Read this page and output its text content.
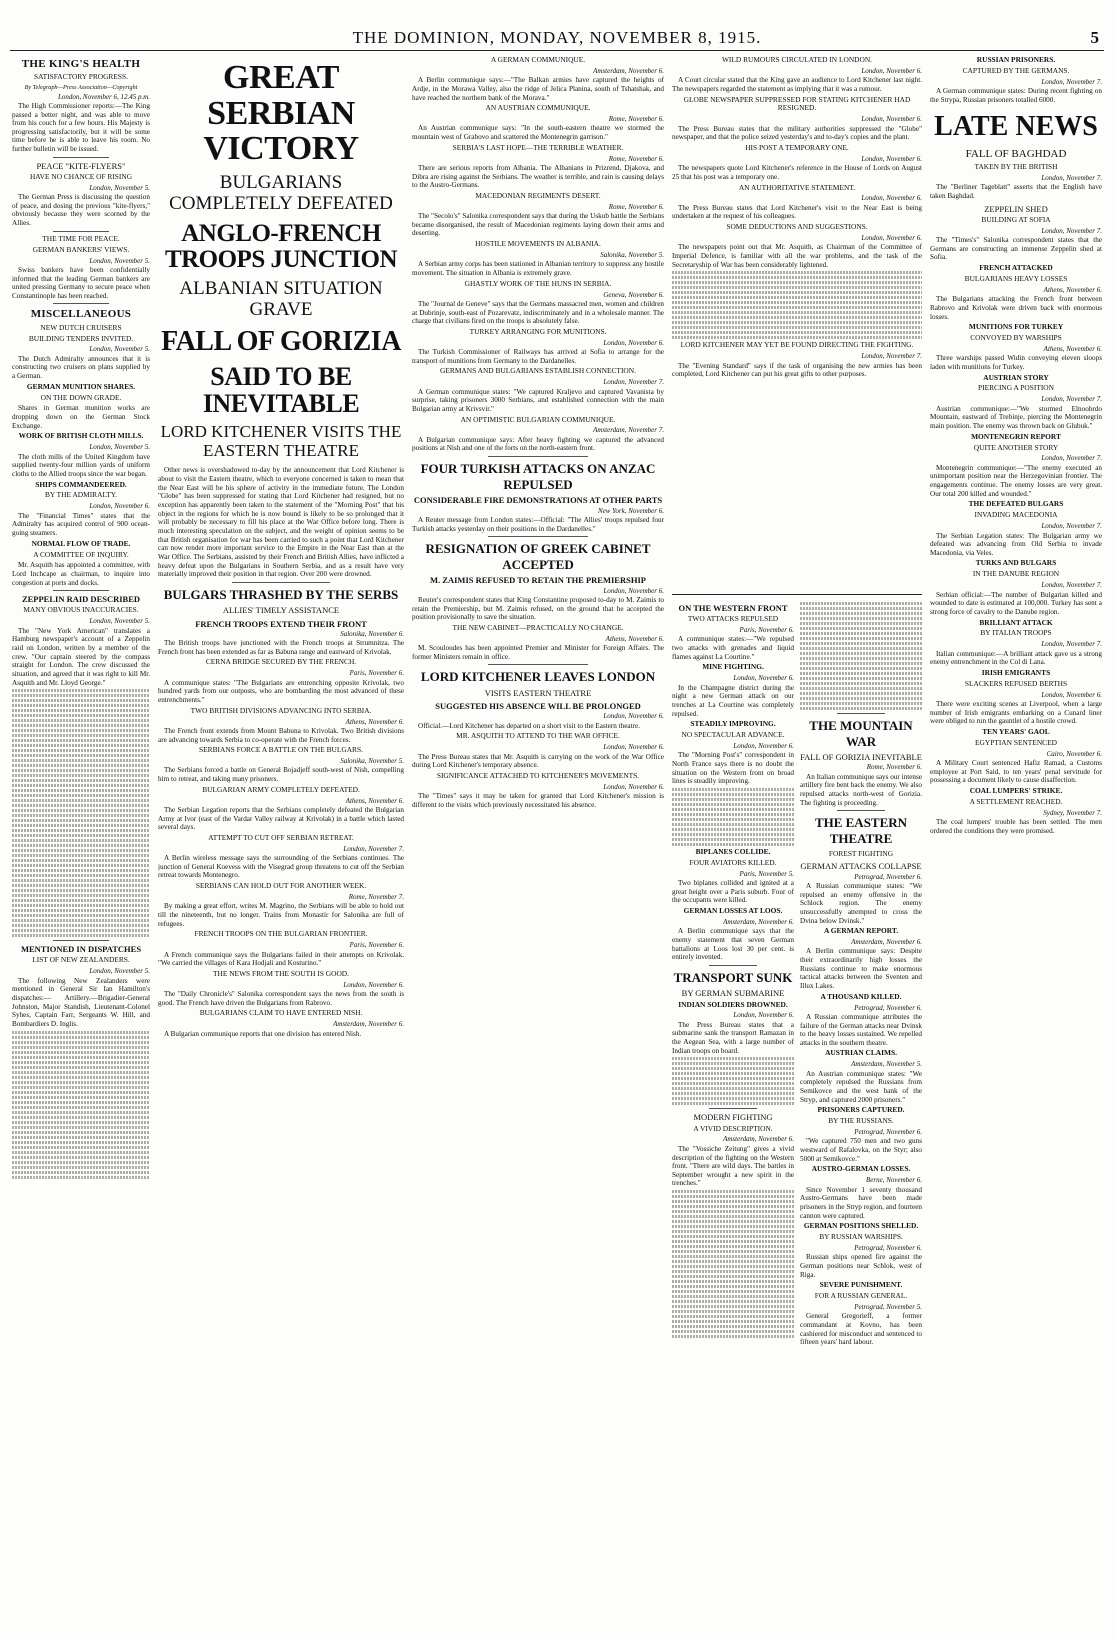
THE DOMINION, MONDAY, NOVEMBER 8, 1915.	5
THE KING'S HEALTH
SATISFACTORY PROGRESS.
By Telegraph—Press Association—Copyright
London, November 6, 12.45 p.m.

The High Commissioner reports:—The King passed a better night, and was able to move from his couch for a few hours. His Majesty is progressing satisfactorily, but it will be some time before he is able to leave his room. No further bulletin will be issued.

PEACE "KITE-FLYERS"
HAVE NO CHANCE OF RISING
London, November 5.

The German Press is discussing the question of peace, and dosing the previous "kite-flyers," obviously because they were scorned by the Allies.

THE TIME FOR PEACE.
GERMAN BANKERS' VIEWS.
London, November 5.

Swiss bankers have been confidentially informed that the leading German bankers are united pressing Germany to secure peace when Constantinople has been reached.

MISCELLANEOUS
NEW DUTCH CRUISERS
BUILDING TENDERS INVITED.
London, November 5.

The Dutch Admiralty announces that it is constructing two cruisers on plans supplied by a German.

GERMAN MUNITION SHARES.
ON THE DOWN GRADE.

Shares in German munition works are dropping down on the German Stock Exchange.

WORK OF BRITISH CLOTH MILLS.
London, November 5.

The cloth mills of the United Kingdom have supplied twenty-four million yards of uniform cloths to the Allied troops since the war began.

SHIPS COMMANDEERED.
BY THE ADMIRALTY.
London, November 6.

The "Financial Times" states that the Admiralty has acquired control of 900 ocean-going steamers.

NORMAL FLOW OF TRADE.
A COMMITTEE OF INQUIRY.

Mr. Asquith has appointed a committee, with Lord Inchcape as chairman, to inquire into congestion at ports and docks.

ZEPPELIN RAID DESCRIBED
MANY OBVIOUS INACCURACIES.
London, November 5.

The "New York American" translates a Hamburg newspaper's account of a Zeppelin raid on London, written by a member of the crew. "Our captain steered by the compass straight for London. The crew discussed the situation, and agreed that it was right to kill Mr. Asquith and Mr. Lloyd George."

MENTIONED IN DISPATCHES
LIST OF NEW ZEALANDERS.
London, November 5.

The following New Zealanders were mentioned in General Sir Ian Hamilton's dispatches:— Artillery.—Brigadier-General Johnston, Major Standish, Lieutenant-Colonel Syhes, Captain Farr, Sergeants W. Hill, and Bombardiers D. Inglis.

GREAT SERBIAN VICTORY
BULGARIANS COMPLETELY DEFEATED
ANGLO-FRENCH TROOPS JUNCTION
ALBANIAN SITUATION GRAVE
FALL OF GORIZIA
SAID TO BE INEVITABLE
LORD KITCHENER VISITS THE EASTERN THEATRE

Other news is overshadowed to-day by the announcement that Lord Kitchener is about to visit the Eastern theatre, which to everyone concerned is taken to mean that the Near East will be his sphere of activity in the immediate future. The London "Globe" has been suppressed for stating that Lord Kitchener had resigned, but no exception has apparently been taken to the statement of the "Morning Post" that his object in the regions for which he is now bound is likely to be so prolonged that it will probably be necessary to fill his place at the War Office before long. There is much interesting speculation on the subject, and the weight of opinion seems to be that British organisation for war has been carried to such a point that Lord Kitchener can now render more important service to the Empire in the Near East than at the War Office. The Serbians, assisted by their French and British Allies, have inflicted a heavy defeat upon the Bulgarians in Southern Serbia, and as a result have very materially improved their position in that region. Over 200 were drowned.

BULGARS THRASHED BY THE SERBS
ALLIES' TIMELY ASSISTANCE
FRENCH TROOPS EXTEND THEIR FRONT
Salonika, November 6.

The British troops have junctioned with the French troops at Strumnitza. The French front has been extended as far as Babuna range and eastward of Krivolak.

CERNA BRIDGE SECURED BY THE FRENCH.
Paris, November 6.

A communique states: "The Bulgarians are entrenching opposite Krivolak, two hundred yards from our outposts, who are bombarding the most advanced of these entrenchments."

TWO BRITISH DIVISIONS ADVANCING INTO SERBIA.
Athens, November 6.

The French front extends from Mount Babuna to Krivolak. Two British divisions are advancing towards Serbia to co-operate with the French forces.

SERBIANS FORCE A BATTLE ON THE BULGARS.
Salonika, November 5.

The Serbians forced a battle on General Bojadjeff south-west of Nish, compelling him to retreat, and taking many prisoners.

BULGARIAN ARMY COMPLETELY DEFEATED.
Athens, November 6.

The Serbian Legation reports that the Serbians completely defeated the Bulgarian Army at Ivor (east of the Vardar Valley railway at Krivolak) in a battle which lasted several days.

ATTEMPT TO CUT OFF SERBIAN RETREAT.
London, November 7.

A Berlin wireless message says the surrounding of the Serbians continues. The junction of General Koevess with the Visegrad group threatens to cut off the Serbian retreat towards Montenegro.

SERBIANS CAN HOLD OUT FOR ANOTHER WEEK.
Rome, November 7.

By making a great effort, writes M. Magrino, the Serbians will be able to hold out till the nineteenth, but no longer. Trains from Monastir for Salonika are full of refugees.

FRENCH TROOPS ON THE BULGARIAN FRONTIER.
Paris, November 6.

A French communique says the Bulgarians failed in their attempts on Krivolak. "We carried the villages of Kara Hodjali and Kosturino."

THE NEWS FROM THE SOUTH IS GOOD.
London, November 6.

The "Daily Chronicle's" Salonika correspondent says the news from the south is good. The French have driven the Bulgarians from Rabrovo.

BULGARIANS CLAIM TO HAVE ENTERED NISH.
Amsterdam, November 6.

A Bulgarian communique reports that one division has entered Nish.

A GERMAN COMMUNIQUE.
Amsterdam, November 6.

A Berlin communique says:—"The Balkan armies have captured the heights of Ardje, in the Morawa Valley, also the ridge of Jelica Planina, south of Tshatshak, and have reached the northern bank of the Morava."

AN AUSTRIAN COMMUNIQUE.
Rome, November 6.

An Austrian communique says: "In the south-eastern theatre we stormed the mountain west of Grabovo and scattered the Montenegrin garrison."

SERBIA'S LAST HOPE—THE TERRIBLE WEATHER.
Rome, November 6.

There are serious reports from Albania. The Albanians in Prizrend, Djakova, and Dibra are rising against the Serbians. The weather is terrible, and rain is causing delays to the Austro-Germans.

MACEDONIAN REGIMENTS DESERT.
Rome, November 6.

The "Secolo's" Salonika correspondent says that during the Uskub battle the Serbians became disorganised, the result of Macedonian regiments laying down their arms and deserting.

HOSTILE MOVEMENTS IN ALBANIA.
Salonika, November 5.

A Serbian army corps has been stationed in Albanian territory to suppress any hostile movement. The situation in Albania is extremely grave.

GHASTLY WORK OF THE HUNS IN SERBIA.
Geneva, November 6.

The "Journal de Geneve" says that the Germans massacred men, women and children at Dubrinje, south-east of Pozarevatz, indiscriminately and in a wholesale manner. The charge that civilians fired on the troops is absolutely false.

TURKEY ARRANGING FOR MUNITIONS.
London, November 6.

The Turkish Commissioner of Railways has arrived at Sofia to arrange for the transport of munitions from Germany to the Dardanelles.

GERMANS AND BULGARIANS ESTABLISH CONNECTION.
London, November 7.

A German communique states: "We captured Kraljevo and captured Vavanista by surprise, taking prisoners 3000 Serbians, and established connection with the main Bulgarian army at Krivsvir."

AN OPTIMISTIC BULGARIAN COMMUNIQUE.
Amsterdam, November 7.

A Bulgarian communique says: After heavy fighting we captured the advanced positions at Nish and one of the forts on the north-eastern front.

FOUR TURKISH ATTACKS ON ANZAC REPULSED
CONSIDERABLE FIRE DEMONSTRATIONS AT OTHER PARTS
New York, November 6.

A Reuter message from London states:—Official: "The Allies' troops repulsed four Turkish attacks yesterday on their positions in the Dardanelles."

RESIGNATION OF GREEK CABINET ACCEPTED
M. ZAIMIS REFUSED TO RETAIN THE PREMIERSHIP
London, November 6.

Reuter's correspondent states that King Constantine proposed to-day to M. Zaimis to retain the Premiership, but M. Zaimis refused, on the ground that he accepted the position provisionally to save the situation.

THE NEW CABINET—PRACTICALLY NO CHANGE.
Athens, November 6.

M. Scouloudes has been appointed Premier and Minister for Foreign Affairs. The former Ministers remain in office.

LORD KITCHENER LEAVES LONDON
VISITS EASTERN THEATRE
SUGGESTED HIS ABSENCE WILL BE PROLONGED
London, November 6.

Official.—Lord Kitchener has departed on a short visit to the Eastern theatre.

MR. ASQUITH TO ATTEND TO THE WAR OFFICE.
London, November 6.

The Press Bureau states that Mr. Asquith is carrying on the work of the War Office during Lord Kitchener's temporary absence.

SIGNIFICANCE ATTACHED TO KITCHENER'S MOVEMENTS.
London, November 6.

The "Times" says it may be taken for granted that Lord Kitchener's mission is different to the visits which previously necessitated his absence.

WILD RUMOURS CIRCULATED IN LONDON.
London, November 6.

A Court circular stated that the King gave an audience to Lord Kitchener last night. The newspapers regarded the statement as implying that it was a rumour.

GLOBE NEWSPAPER SUPPRESSED FOR STATING KITCHENER HAD RESIGNED.
London, November 6.

The Press Bureau states that the military authorities suppressed the "Globe" newspaper, and that the police seized yesterday's and to-day's copies and the plant.

HIS POST A TEMPORARY ONE.
London, November 6.

The newspapers quote Lord Kitchener's reference in the House of Lords on August 25 that his post was a temporary one.

AN AUTHORITATIVE STATEMENT.
London, November 6.

The Press Bureau states that Lord Kitchener's visit to the Near East is being undertaken at the request of his colleagues.

SOME DEDUCTIONS AND SUGGESTIONS.
London, November 6.

The newspapers point out that Mr. Asquith, as Chairman of the Committee of Imperial Defence, is familiar with all the war problems, and the task of the Secretaryship of War has been considerably lightened.

LORD KITCHENER MAY YET BE FOUND DIRECTING THE FIGHTING.
London, November 7.

The "Evening Standard" says if the task of organising the new armies has been completed, Lord Kitchener can put his great gifts to other purposes.

ON THE WESTERN FRONT
TWO ATTACKS REPULSED
Paris, November 6.

A communique states:—"We repulsed two attacks with grenades and liquid flames against La Courtine."

MINE FIGHTING.
London, November 6.

In the Champagne district during the night a new German attack on our trenches at La Courtine was completely repulsed.

STEADILY IMPROVING.
NO SPECTACULAR ADVANCE.
London, November 6.

The "Morning Post's" correspondent in North France says there is no doubt the situation on the Western front on broad lines is steadily improving.

BIPLANES COLLIDE.
FOUR AVIATORS KILLED.
Paris, November 5.

Two biplanes collided and ignited at a great height over a Paris suburb. Four of the occupants were killed.

GERMAN LOSSES AT LOOS.
Amsterdam, November 6.

A Berlin communique says that the enemy statement that seven German battalions at Loos lost 30 per cent. is entirely invented.

TRANSPORT SUNK
BY GERMAN SUBMARINE
INDIAN SOLDIERS DROWNED.
London, November 6.

The Press Bureau states that a submarine sank the transport Ramazan in the Aegean Sea, with a large number of Indian troops on board.

MODERN FIGHTING
A VIVID DESCRIPTION.
Amsterdam, November 6.

The "Vossiche Zeitung" gives a vivid description of the fighting on the Western front. "There are wild days. The battles in September wrought a new spirit in the trenches."

THE MOUNTAIN WAR
FALL OF GORIZIA INEVITABLE
Rome, November 6.

An Italian communique says our intense artillery fire bent back the enemy. We also repulsed attacks north-west of Gorizia. The fighting is proceeding.

THE EASTERN THEATRE
FOREST FIGHTING
GERMAN ATTACKS COLLAPSE
Petrograd, November 6.

A Russian communique states: "We repulsed an enemy offensive in the Schlock region. The enemy unsuccessfully attempted to cross the Dvina below Dvinsk."

A GERMAN REPORT.
Amsterdam, November 6.

A Berlin communique says: Despite their extraordinarily high losses the Russians continue to make enormous tactical attacks between the Sventen and Illux Lakes.

A THOUSAND KILLED.
Petrograd, November 6.

A Russian communique attributes the failure of the German attacks near Dvinsk to the heavy losses sustained. We repelled attacks in the southern theatre.

AUSTRIAN CLAIMS.
Amsterdam, November 5.

An Austrian communique states: "We completely repulsed the Russians from Semikovce and the west bank of the Stryp, and captured 2000 prisoners."

PRISONERS CAPTURED.
BY THE RUSSIANS.
Petrograd, November 6.

"We captured 750 men and two guns westward of Rafalovka, on the Styr; also 5000 at Semikovce."

AUSTRO-GERMAN LOSSES.
Berne, November 6.

Since November 1 seventy thousand Austro-Germans have been made prisoners in the Stryp region, and fourteen cannon were captured.

GERMAN POSITIONS SHELLED.
BY RUSSIAN WARSHIPS.
Petrograd, November 6.

Russian ships opened fire against the German positions near Schlok, west of Riga.

SEVERE PUNISHMENT.
FOR A RUSSIAN GENERAL.
Petrograd, November 5.

General Gregorieff, a former commandant at Kovno, has been cashiered for misconduct and sentenced to fifteen years' hard labour.

RUSSIAN PRISONERS.
CAPTURED BY THE GERMANS.
London, November 7.

A German communique states: During recent fighting on the Strypa, Russian prisoners totalled 6000.

LATE NEWS
FALL OF BAGHDAD
TAKEN BY THE BRITISH
London, November 7.

The "Berliner Tageblatt" asserts that the English have taken Baghdad.

ZEPPELIN SHED
BUILDING AT SOFIA
London, November 7.

The "Times's" Salonika correspondent states that the Germans are constructing an immense Zeppelin shed at Sofia.

FRENCH ATTACKED
BULGARIANS HEAVY LOSSES
Athens, November 6.

The Bulgarians attacking the French front between Rabrovo and Krivolak were driven back with enormous losses.

MUNITIONS FOR TURKEY
CONVOYED BY WARSHIPS
Athens, November 6.

Three warships passed Widin conveying eleven sloops laden with munitions for Turkey.

AUSTRIAN STORY
PIERCING A POSITION
London, November 7.

Austrian communique:—"We stormed Elnoobrdo Mountain, eastward of Trebinje, piercing the Montenegrin main position. The enemy was thrown back on Glubuk."

MONTENEGRIN REPORT
QUITE ANOTHER STORY
London, November 7.

Montenegrin communique:—"The enemy executed an unimportant position near the Herzegovinian frontier. The engagements continue. The enemy losses are very great. Our total 200 killed and wounded."

THE DEFEATED BULGARS
INVADING MACEDONIA
London, November 7.

The Serbian Legation states: The Bulgarian army we defeated was advancing from Old Serbia to invade Macedonia, via Veles.

TURKS AND BULGARS
IN THE DANUBE REGION
London, November 7.

Serbian official:—The number of Bulgarian killed and wounded to date is estimated at 100,000. Turkey has sent a strong force of cavalry to the Danube region.

BRILLIANT ATTACK
BY ITALIAN TROOPS
London, November 7.

Italian communique:—A brilliant attack gave us a strong enemy entrenchment in the Col di Lana.

IRISH EMIGRANTS
SLACKERS REFUSED BERTHS
London, November 6.

There were exciting scenes at Liverpool, when a large number of Irish emigrants embarking on a Cunard liner were obliged to run the gauntlet of a hostile crowd.

TEN YEARS' GAOL
EGYPTIAN SENTENCED
Cairo, November 6.

A Military Court sentenced Hafiz Ramad, a Customs employee at Port Said, to ten years' penal servitude for possessing a document likely to cause disaffection.

COAL LUMPERS' STRIKE.
A SETTLEMENT REACHED.
Sydney, November 7.

The coal lumpers' trouble has been settled. The men ordered the conditions they were promised.
